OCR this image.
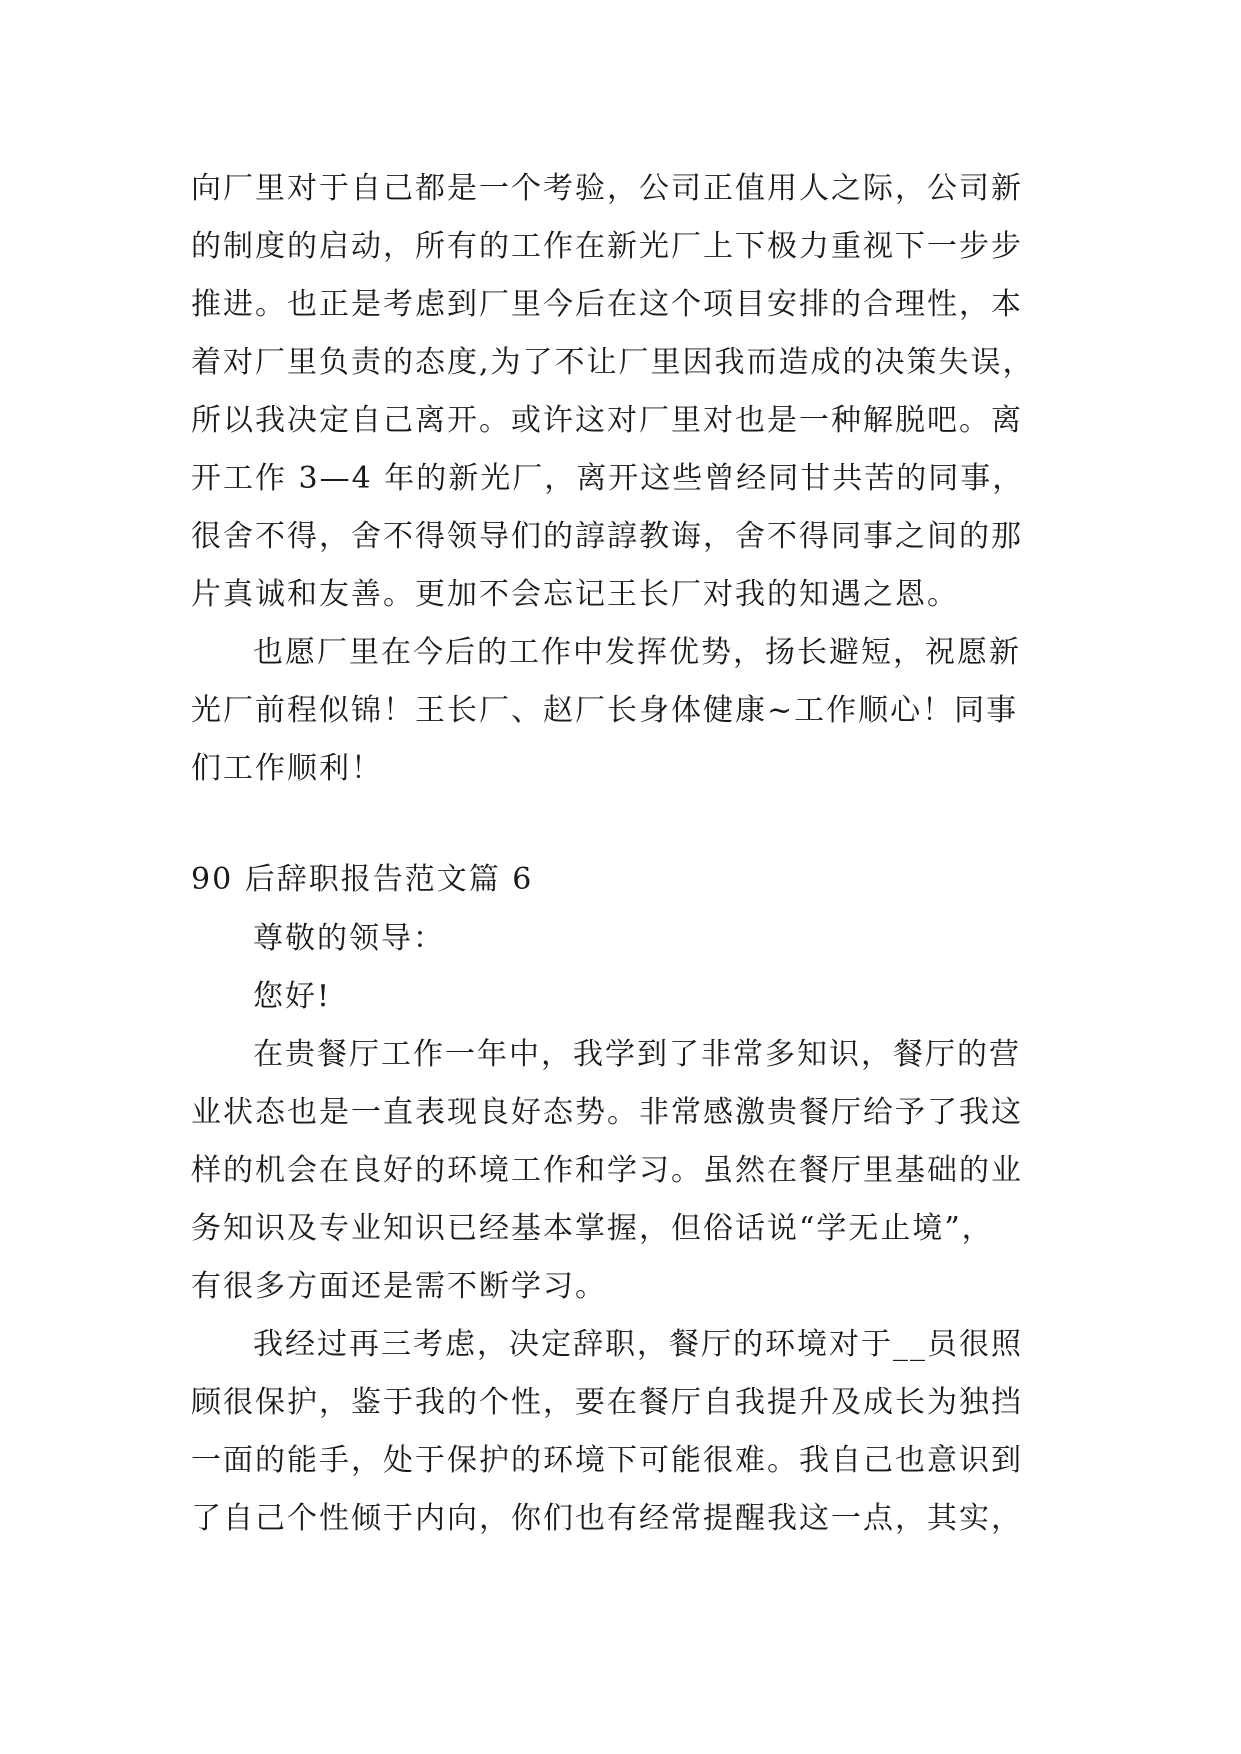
向厂里对于自己都是一个考验，公司正值用人之际，公司新
的制度的启动，所有的工作在新光厂上下极力重视下一步步
推进。也正是考虑到厂里今后在这个项目安排的合理性，本
着对厂里负责的态度,为了不让厂里因我而造成的决策失误，
所以我决定自己离开。或许这对厂里对也是一种解脱吧。离
开工作 3—4 年的新光厂，离开这些曾经同甘共苦的同事，
很舍不得，舍不得领导们的諄諄教诲，舍不得同事之间的那
片真诚和友善。更加不会忘记王长厂对我的知遇之恩。
也愿厂里在今后的工作中发挥优势，扬长避短，祝愿新
光厂前程似锦！王长厂、赵厂长身体健康~工作顺心！同事
们工作顺利！
90 后辞职报告范文篇 6
尊敬的领导：
您好!
在贵餐厅工作一年中，我学到了非常多知识，餐厅的营
业状态也是一直表现良好态势。非常感激贵餐厅给予了我这
样的机会在良好的环境工作和学习。虽然在餐厅里基础的业
务知识及专业知识已经基本掌握，但俗话说“学无止境”，
有很多方面还是需不断学习。
我经过再三考虑，决定辞职，餐厅的环境对于__员很照
顾很保护，鉴于我的个性，要在餐厅自我提升及成长为独挡
一面的能手，处于保护的环境下可能很难。我自己也意识到
了自己个性倾于内向，你们也有经常提醒我这一点，其实，
